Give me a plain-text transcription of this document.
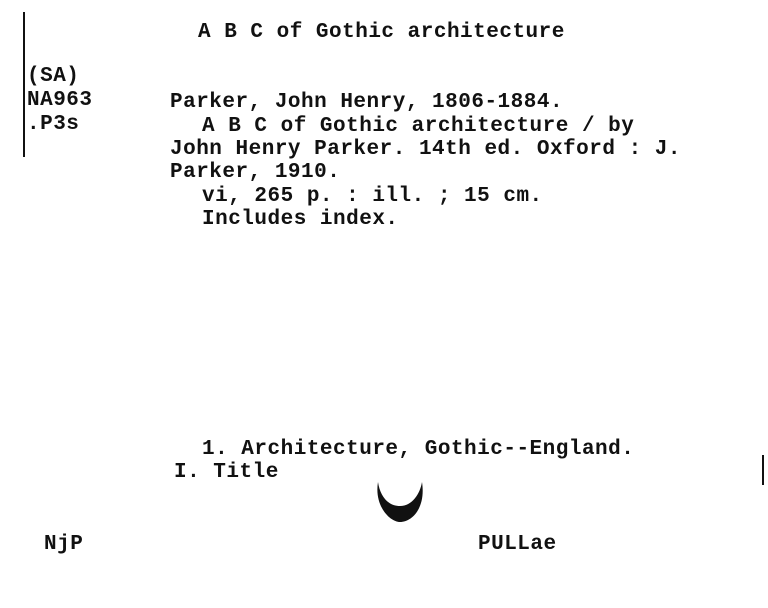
A B C of Gothic architecture
(SA)
NA963
.P3s
Parker, John Henry, 1806-1884.
A B C of Gothic architecture / by
John Henry Parker. 14th ed. Oxford : J.
Parker, 1910.
vi, 265 p. : ill. ; 15 cm.
Includes index.
1. Architecture, Gothic--England.
I. Title
NjP	PULLae
